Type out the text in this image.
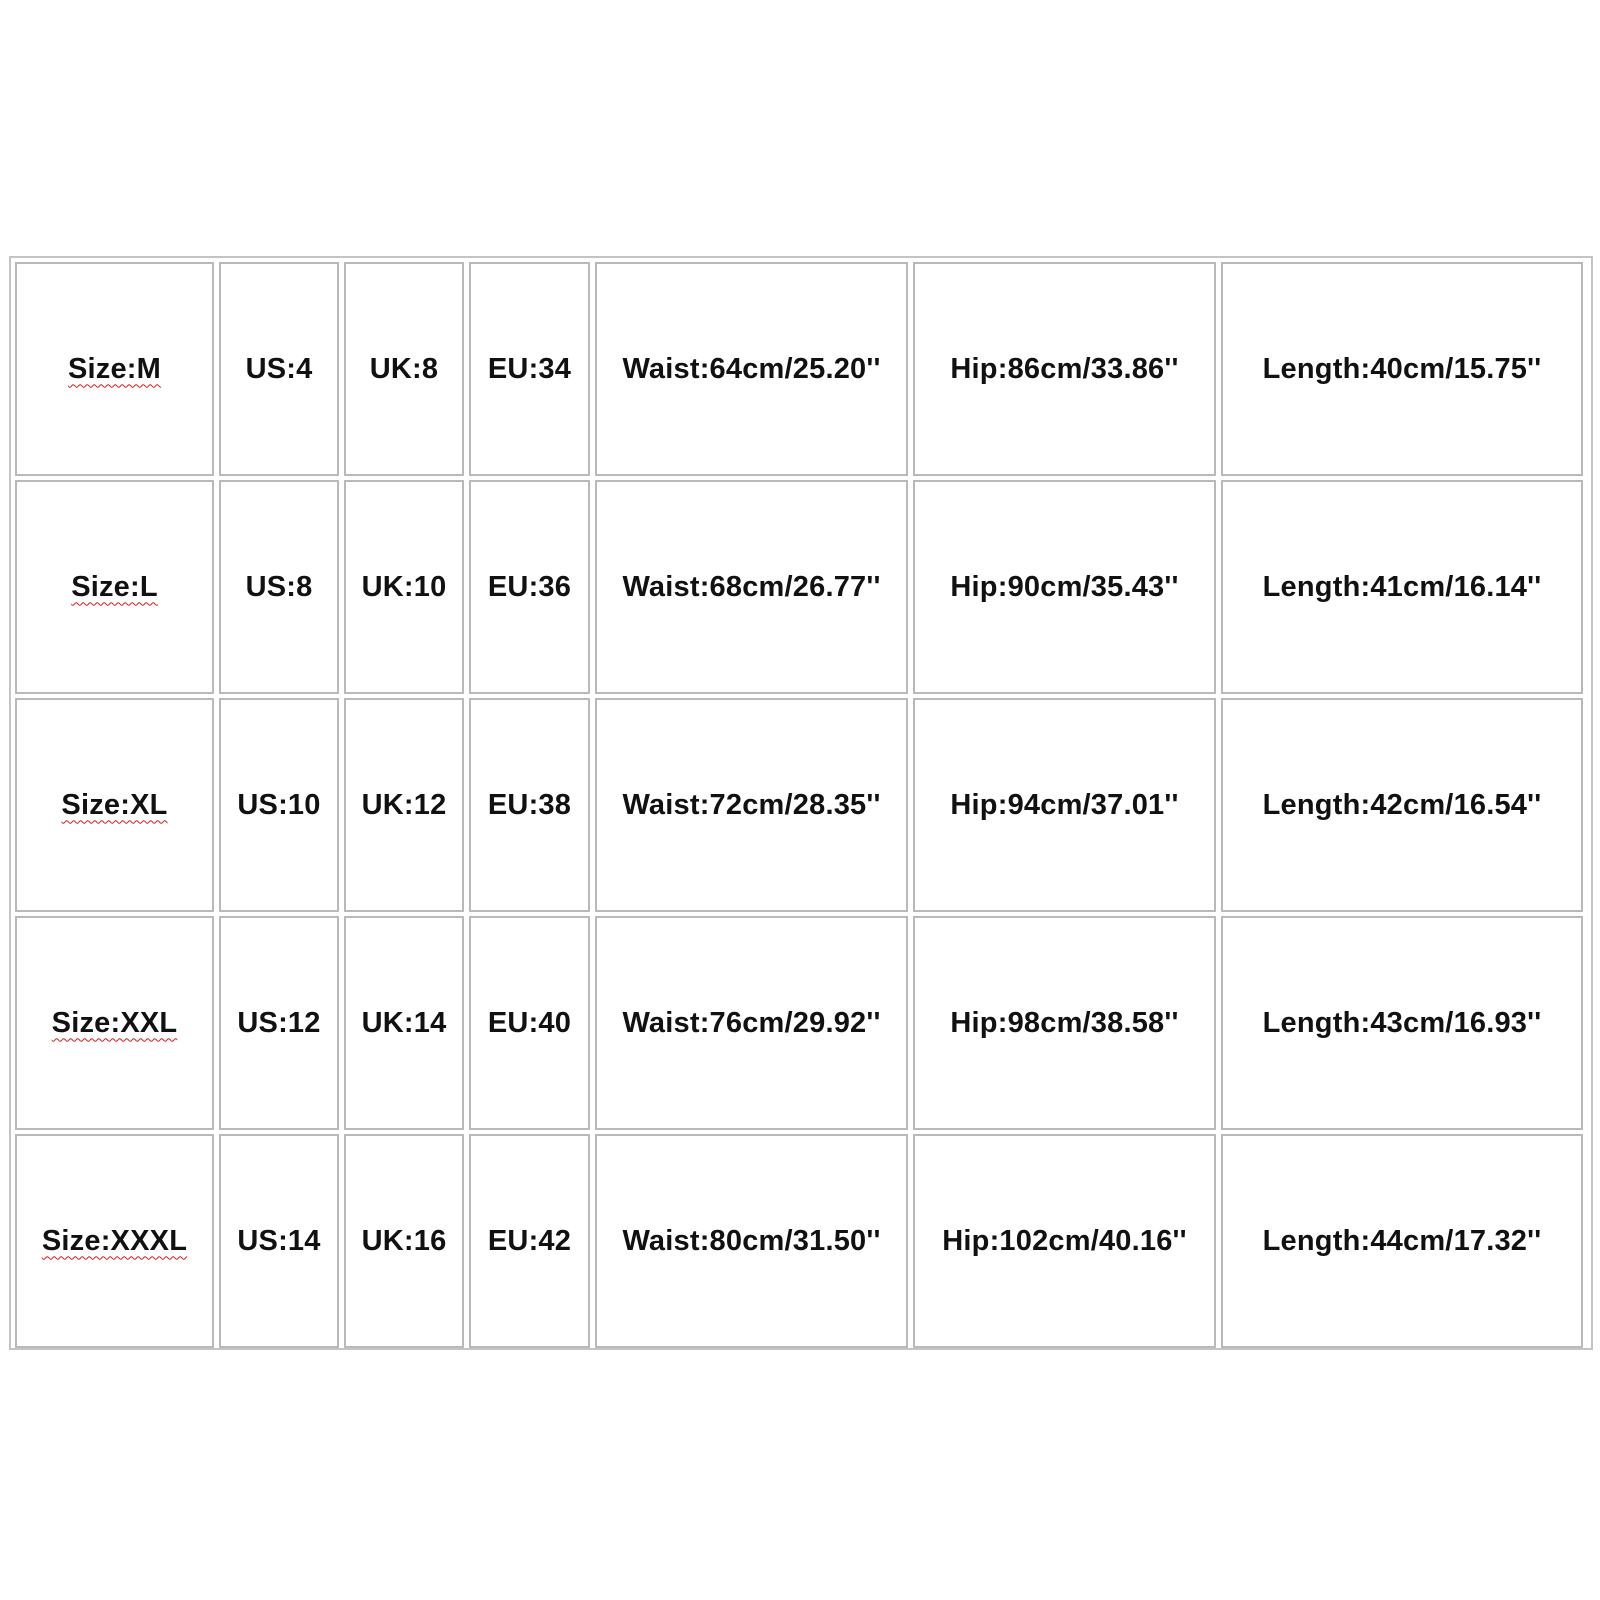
Size:M	US:4	UK:8	EU:34	Waist:64cm/25.20''	Hip:86cm/33.86''	Length:40cm/15.75''
Size:L	US:8	UK:10	EU:36	Waist:68cm/26.77''	Hip:90cm/35.43''	Length:41cm/16.14''
Size:XL	US:10	UK:12	EU:38	Waist:72cm/28.35''	Hip:94cm/37.01''	Length:42cm/16.54''
Size:XXL	US:12	UK:14	EU:40	Waist:76cm/29.92''	Hip:98cm/38.58''	Length:43cm/16.93''
Size:XXXL	US:14	UK:16	EU:42	Waist:80cm/31.50''	Hip:102cm/40.16''	Length:44cm/17.32''
